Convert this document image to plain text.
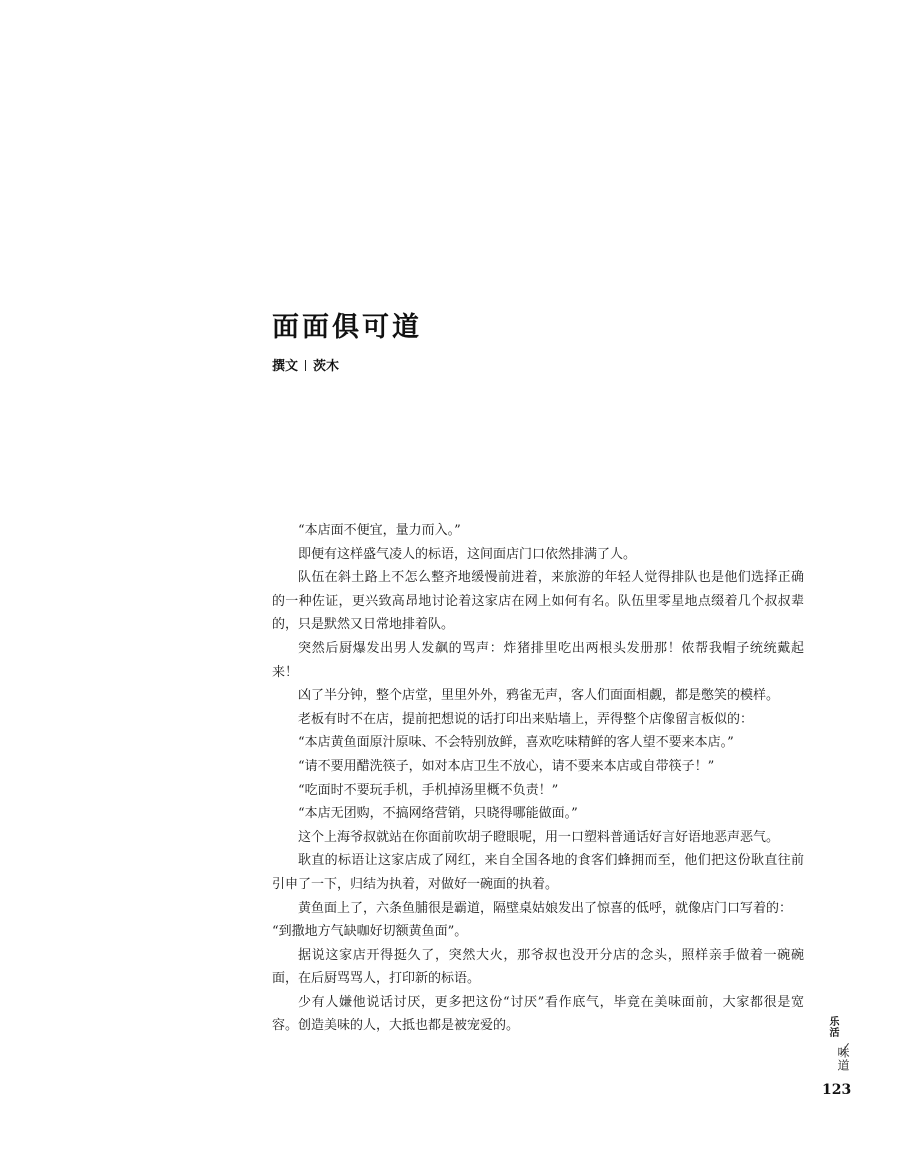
面面俱可道
撰文 茨木

“本店面不便宜，量力而入。”

即便有这样盛气凌人的标语，这间面店门口依然排满了人。

队伍在斜土路上不怎么整齐地缓慢前进着，来旅游的年轻人觉得排队也是他们选择正确的一种佐证，更兴致高昂地讨论着这家店在网上如何有名。队伍里零星地点缀着几个叔叔辈的，只是默然又日常地排着队。

突然后厨爆发出男人发飙的骂声：炸猪排里吃出两根头发册那！侬帮我帽子统统戴起来！

凶了半分钟，整个店堂，里里外外，鸦雀无声，客人们面面相觑，都是憋笑的模样。

老板有时不在店，提前把想说的话打印出来贴墙上，弄得整个店像留言板似的：

“本店黄鱼面原汁原味、不会特别放鲜，喜欢吃味精鲜的客人望不要来本店。”

“请不要用醋洗筷子，如对本店卫生不放心，请不要来本店或自带筷子！”

“吃面时不要玩手机，手机掉汤里概不负责！”

“本店无团购，不搞网络营销，只晓得哪能做面。”

这个上海爷叔就站在你面前吹胡子瞪眼呢，用一口塑料普通话好言好语地恶声恶气。

耿直的标语让这家店成了网红，来自全国各地的食客们蜂拥而至，他们把这份耿直往前引申了一下，归结为执着，对做好一碗面的执着。

黄鱼面上了，六条鱼脯很是霸道，隔壁桌姑娘发出了惊喜的低呼，就像店门口写着的：

“到撒地方气缺咖好切额黄鱼面”。

据说这家店开得挺久了，突然大火，那爷叔也没开分店的念头，照样亲手做着一碗碗面，在后厨骂骂人，打印新的标语。

少有人嫌他说话讨厌，更多把这份“讨厌”看作底气，毕竟在美味面前，大家都很是宽容。创造美味的人，大抵也都是被宠爱的。	乐活
味道
123
